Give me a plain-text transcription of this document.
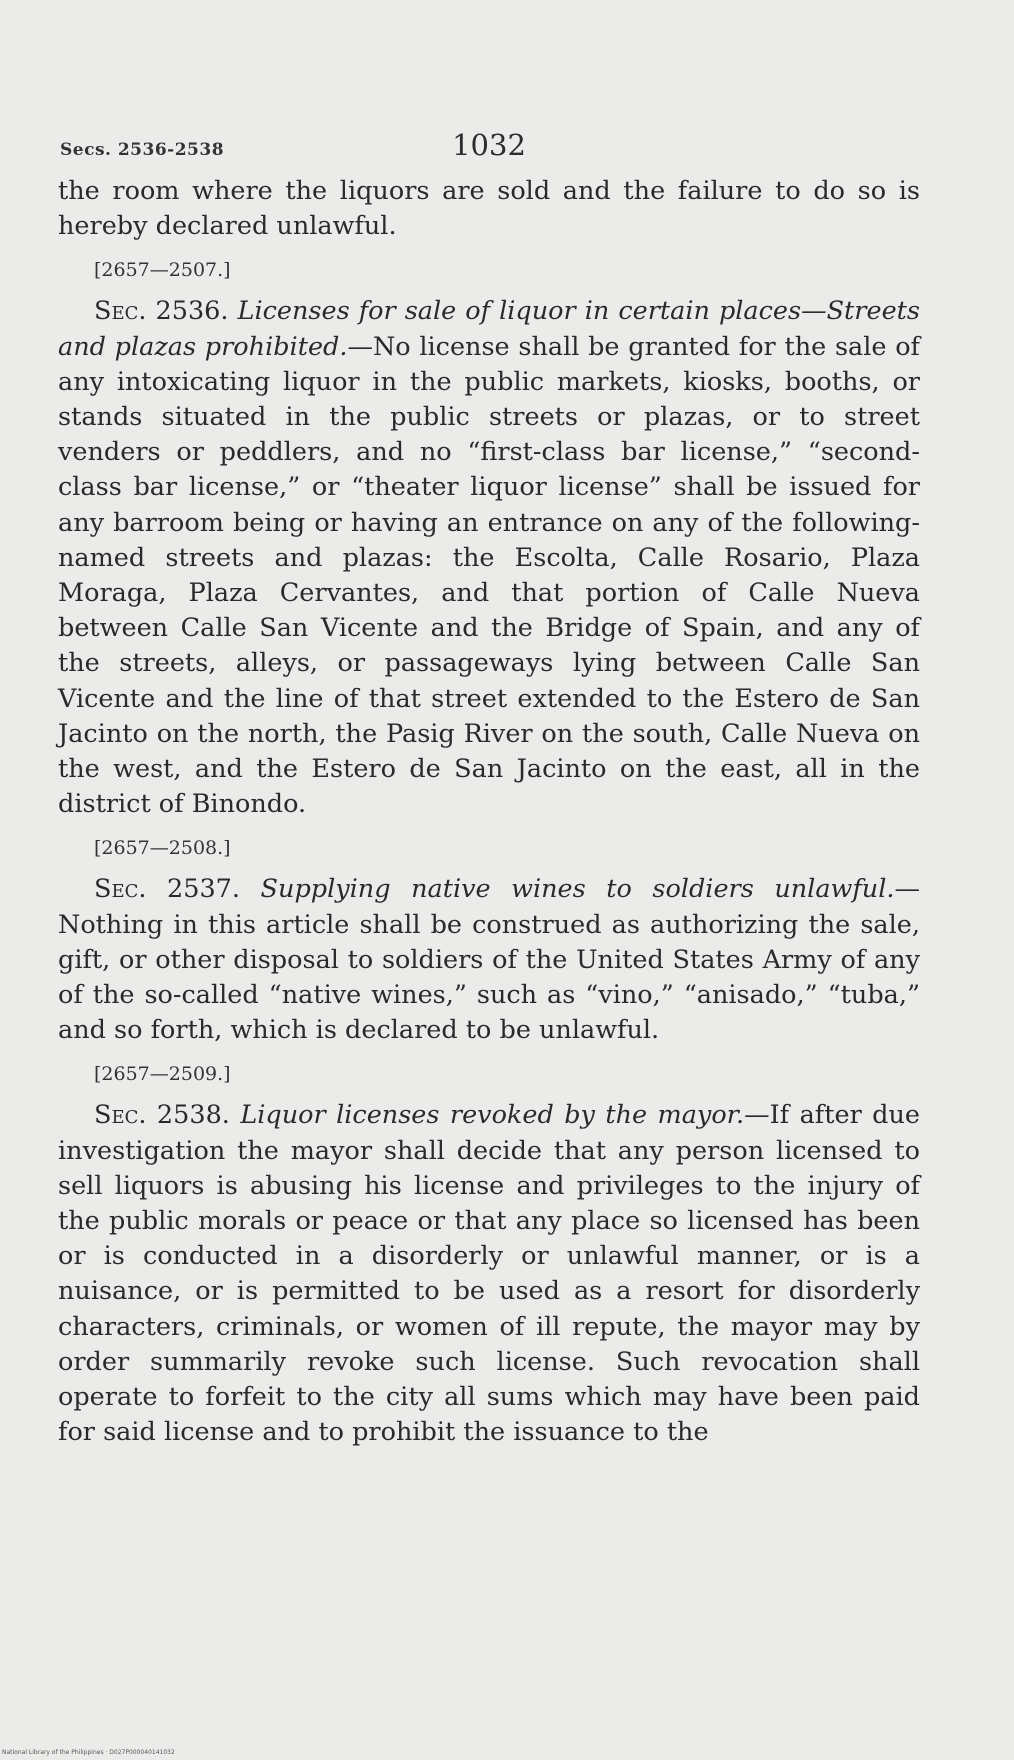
Secs. 2536-2538	1032

the room where the liquors are sold and the failure to do so is hereby declared unlawful.

[2657—2507.]

Sec. 2536. Licenses for sale of liquor in certain places—Streets and plazas prohibited.—No license shall be granted for the sale of any intoxicating liquor in the public markets, kiosks, booths, or stands situated in the public streets or plazas, or to street venders or peddlers, and no “first-class bar license,” “second-class bar license,” or “theater liquor license” shall be issued for any barroom being or having an entrance on any of the following-named streets and plazas: the Escolta, Calle Rosario, Plaza Moraga, Plaza Cervantes, and that portion of Calle Nueva between Calle San Vicente and the Bridge of Spain, and any of the streets, alleys, or passageways lying between Calle San Vicente and the line of that street extended to the Estero de San Jacinto on the north, the Pasig River on the south, Calle Nueva on the west, and the Estero de San Jacinto on the east, all in the district of Binondo.

[2657—2508.]

Sec. 2537. Supplying native wines to soldiers unlawful.—Nothing in this article shall be construed as authorizing the sale, gift, or other disposal to soldiers of the United States Army of any of the so-called “native wines,” such as “vino,” “anisado,” “tuba,” and so forth, which is declared to be unlawful.

[2657—2509.]

Sec. 2538. Liquor licenses revoked by the mayor.—If after due investigation the mayor shall decide that any person licensed to sell liquors is abusing his license and privileges to the injury of the public morals or peace or that any place so licensed has been or is conducted in a disorderly or unlawful manner, or is a nuisance, or is permitted to be used as a resort for disorderly characters, criminals, or women of ill repute, the mayor may by order summarily revoke such license. Such revocation shall operate to forfeit to the city all sums which may have been paid for said license and to prohibit the issuance to the

National Library of the Philippines · D027P000040141032
